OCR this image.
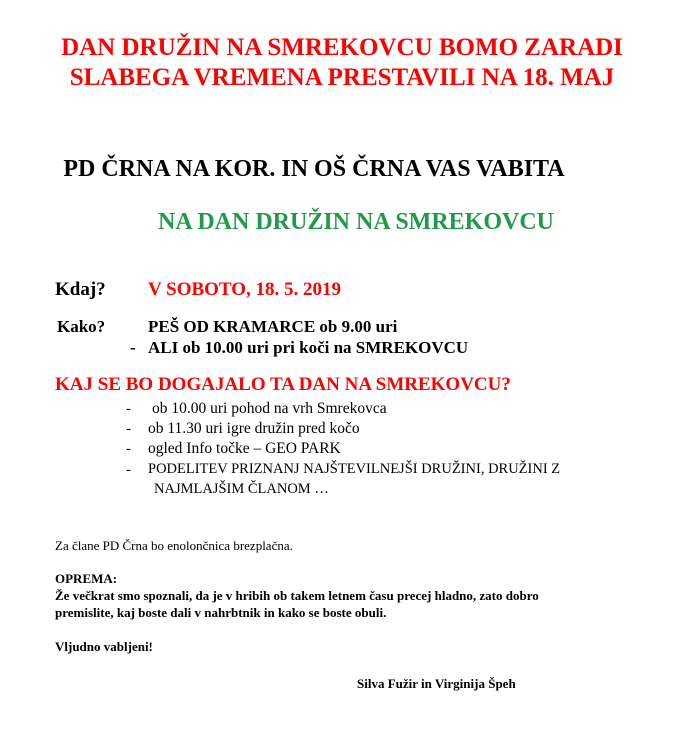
DAN DRUŽIN NA SMREKOVCU BOMO ZARADI

SLABEGA VREMENA PRESTAVILI NA 18. MAJ

PD ČRNA NA KOR. IN OŠ ČRNA VAS VABITA

NA DAN DRUŽIN NA SMREKOVCU

Kdaj? V SOBOTO, 18. 5. 2019
Kako?	PEŠ OD KRAMARCE ob 9.00 uri
- ALI ob 10.00 uri pri koči na SMREKOVCU

KAJ SE BO DOGAJALO TA DAN NA SMREKOVCU?

- ob 10.00 uri pohod na vrh Smrekovca
- ob 11.30 uri igre družin pred kočo
- ogled Info točke – GEO PARK
- PODELITEV PRIZNANJ NAJŠTEVILNEJŠI DRUŽINI, DRUŽINI Z
NAJMLAJŠIM ČLANOM …

Za člane PD Črna bo enolončnica brezplačna.

OPREMA:

Že večkrat smo spoznali, da je v hribih ob takem letnem času precej hladno, zato dobro

premislite, kaj boste dali v nahrbtnik in kako se boste obuli.

Vljudno vabljeni!

Silva Fužir in Virginija Špeh
